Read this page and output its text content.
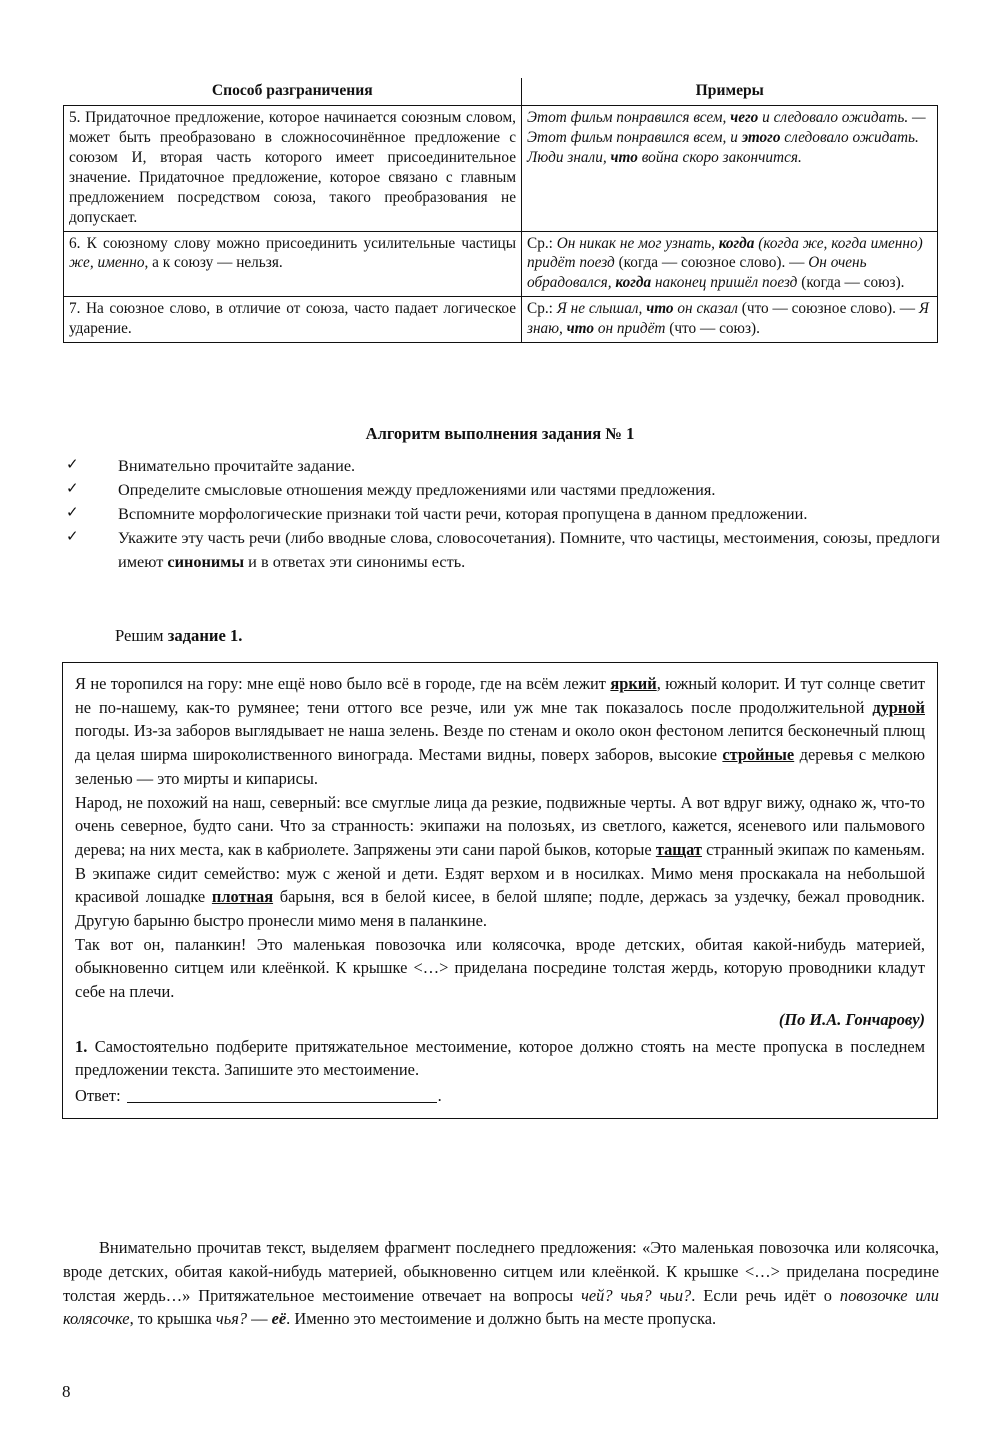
Способ разграничения	Примеры
5. Придаточное предложение, которое начинается союзным словом, может быть преобразовано в сложносочинённое предложение с союзом И, вторая часть которого имеет присоединительное значение. Придаточное предложение, которое связано с главным предложением посредством союза, такого преобразования не допускает.	Этот фильм понравился всем, чего и следовало ожидать. — Этот фильм понравился всем, и этого следовало ожидать.
Люди знали, что война скоро закончится.

6. К союзному слову можно присоединить усилительные частицы же, именно, а к союзу — нельзя.	Ср.: Он никак не мог узнать, когда (когда же, когда именно) придёт поезд (когда — союзное слово). — Он очень обрадовался, когда наконец пришёл поезд (когда — союз).
7. На союзное слово, в отличие от союза, часто падает логическое ударение.	Ср.: Я не слышал, что он сказал (что — союзное слово). — Я знаю, что он придёт (что — союз).
Алгоритм выполнения задания № 1
✓	Внимательно прочитайте задание.
✓	Определите смысловые отношения между предложениями или частями предложения.
✓	Вспомните морфологические признаки той части речи, которая пропущена в данном предложении.
✓	Укажите эту часть речи (либо вводные слова, словосочетания). Помните, что частицы, местоимения, союзы, предлоги имеют синонимы и в ответах эти синонимы есть.
Решим задание 1.

Я не торопился на гору: мне ещё ново было всё в городе, где на всём лежит яркий, южный колорит. И тут солнце светит не по-нашему, как-то румянее; тени оттого все резче, или уж мне так показалось после продолжительной дурной погоды. Из-за заборов выглядывает не наша зелень. Везде по стенам и около окон фестоном лепится бесконечный плющ да целая ширма широколиственного винограда. Местами видны, поверх заборов, высокие стройные деревья с мелкою зеленью — это мирты и кипарисы.

Народ, не похожий на наш, северный: все смуглые лица да резкие, подвижные черты. А вот вдруг вижу, однако ж, что-то очень северное, будто сани. Что за странность: экипажи на полозьях, из светлого, кажется, ясеневого или пальмового дерева; на них места, как в кабриолете. Запряжены эти сани парой быков, которые тащат странный экипаж по каменьям. В экипаже сидит семейство: муж с женой и дети. Ездят верхом и в носилках. Мимо меня проскакала на небольшой красивой лошадке плотная барыня, вся в белой кисее, в белой шляпе; подле, держась за уздечку, бежал проводник. Другую барыню быстро пронесли мимо меня в паланкине.

Так вот он, паланкин! Это маленькая повозочка или колясочка, вроде детских, обитая какой-нибудь материей, обыкновенно ситцем или клеёнкой. К крышке <…> приделана посредине толстая жердь, которую проводники кладут себе на плечи.

(По И.А. Гончарову)

1. Самостоятельно подберите притяжательное местоимение, которое должно стоять на месте пропуска в последнем предложении текста. Запишите это местоимение.

Ответ:	.
Внимательно прочитав текст, выделяем фрагмент последнего предложения: «Это маленькая повозочка или колясочка, вроде детских, обитая какой-нибудь материей, обыкновенно ситцем или клеёнкой. К крышке <…> приделана посредине толстая жердь…» Притяжательное местоимение отвечает на вопросы чей? чья? чьи?. Если речь идёт о повозочке или колясочке, то крышка чья? — её. Именно это местоимение и должно быть на месте пропуска.
8
